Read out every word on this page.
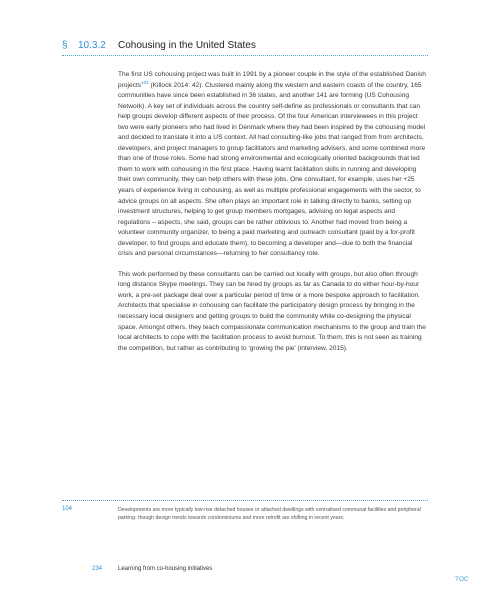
§	10.3.2	Cohousing in the United States

The first US cohousing project was built in 1991 by a pioneer couple in the style of the established Danish projects$^{104}$ (Killock 2014: 42). Clustered mainly along the western and eastern coasts of the country, 165 communities have since been established in 36 states, and another 141 are forming (US Cohousing Network). A key set of individuals across the country self-define as professionals or consultants that can help groups develop different aspects of their process. Of the four American interviewees in this project two were early pioneers who had lived in Denmark where they had been inspired by the cohousing model and decided to translate it into a US context. All had consulting-like jobs that ranged from from architects, developers, and project managers to group facilitators and marketing advisers, and some combined more than one of those roles. Some had strong environmental and ecologically oriented backgrounds that led them to work with cohousing in the first place. Having learnt facilitation skills in running and developing their own community, they can help others with these jobs. One consultant, for example, uses her +25 years of experience living in cohousing, as well as multiple professional engagements with the sector, to advice groups on all aspects. She often plays an important role in talking directly to banks, setting up investment structures, helping to get group members mortgages, advising on legal aspects and regulations – aspects, she said, groups can be rather oblivious to. Another had moved from being a volunteer community organizer, to being a paid marketing and outreach consultant (paid by a for-profit developer, to find groups and educate them), to becoming a developer and—due to both the financial crisis and personal circumstances—returning to her consultancy role.

This work performed by these consultants can be carried out locally with groups, but also often through long distance Skype meetings. They can be hired by groups as far as Canada to do either hour-by-hour work, a pre-set package deal over a particular period of time or a more bespoke approach to facilitation. Architects that specialise in cohousing can facilitate the participatory design process by bringing in the necessary local designers and getting groups to build the community while co-designing the physical space. Amongst others, they teach compassionate communication mechanisms to the group and train the local architects to cope with the facilitation process to avoid burnout. To them, this is not seen as training the competition, but rather as contributing to 'growing the pie' (interview, 2015).

104	Developments are more typically low-rise detached houses or attached dwellings with centralised communal facilities and peripheral parking- though design trends towards condominiums and more retrofit are shifting in recent years.
234	Learning from co-housing initiatives
TOC
